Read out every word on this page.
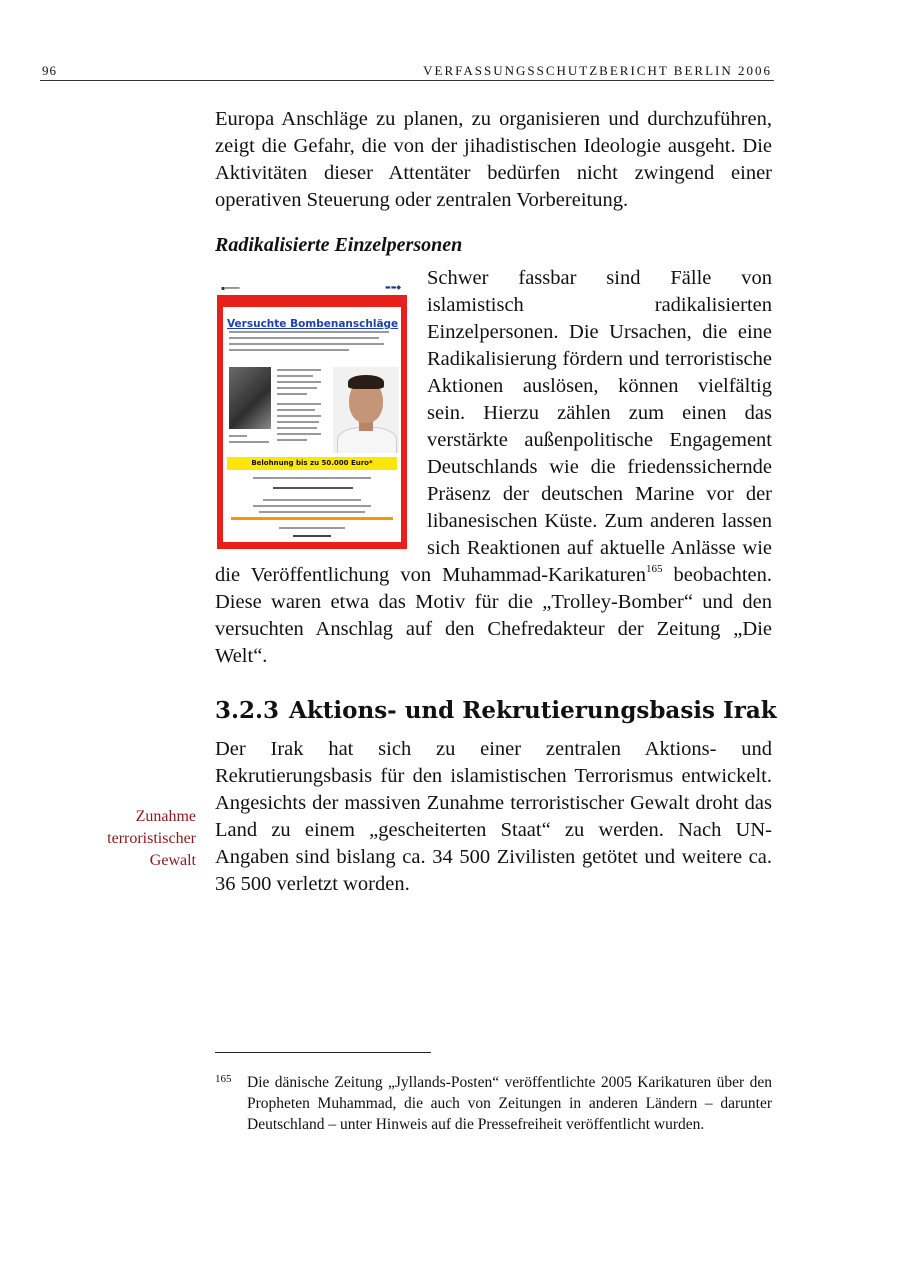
96	VERFASSUNGSSCHUTZBERICHT BERLIN 2006
Zunahme
terroristischer
Gewalt

Europa Anschläge zu planen, zu organisieren und durchzuführen, zeigt die Gefahr, die von der jihadistischen Ideologie ausgeht. Die Aktivitäten dieser Attentäter bedürfen nicht zwingend einer operativen Steuerung oder zentralen Vorbereitung.

Radikalisierte Einzelpersonen
▪━━━━	▬▬◆
Versuchte Bombenanschläge
Belohnung bis zu 50.000 Euro*

Schwer fassbar sind Fälle von islamistisch radikalisierten Einzelpersonen. Die Ursachen, die eine Radikalisierung fördern und terroristische Aktionen auslösen, können vielfältig sein. Hierzu zählen zum einen das verstärkte außenpolitische Engagement Deutschlands wie die friedenssichernde Präsenz der deutschen Marine vor der libanesischen Küste. Zum anderen lassen sich Reaktionen auf aktuelle Anlässe wie die Veröffentlichung von Muhammad-Karikaturen$^{165}$ beobachten. Diese waren etwa das Motiv für die „Trolley-Bomber“ und den versuchten Anschlag auf den Chefredakteur der Zeitung „Die Welt“.

3.2.3 Aktions- und Rekrutierungsbasis Irak

Der Irak hat sich zu einer zentralen Aktions- und Rekrutierungsbasis für den islamistischen Terrorismus entwickelt. Angesichts der massiven Zunahme terroristischer Gewalt droht das Land zu einem „gescheiterten Staat“ zu werden. Nach UN-Angaben sind bislang ca. 34 500 Zivilisten getötet und weitere ca. 36 500 verletzt worden.

165 Die dänische Zeitung „Jyllands-Posten“ veröffentlichte 2005 Karikaturen über den Propheten Muhammad, die auch von Zeitungen in anderen Ländern – darunter Deutschland – unter Hinweis auf die Pressefreiheit veröffentlicht wurden.
